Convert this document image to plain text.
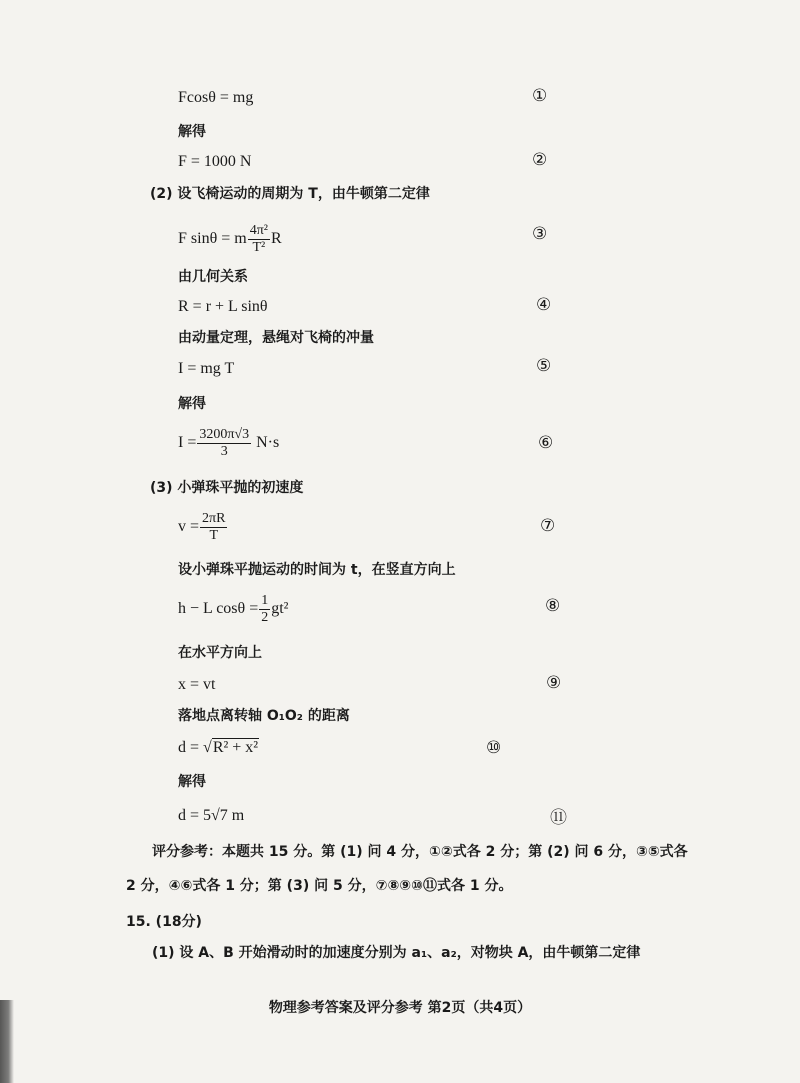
Fcosθ = mg	①
解得
F = 1000 N	②
(2) 设飞椅运动的周期为 T，由牛顿第二定律
F sinθ = m $\frac{\text{4π²}}{\text{T²}}$ R	③
由几何关系
R = r + L sinθ	④
由动量定理，悬绳对飞椅的冲量
I = mg T	⑤
解得
$I = \frac{3200\pi√3}{3} N\cdot s$	⑥
(3) 小弹珠平抛的初速度
$v = \frac{2\pi R}{T}$	⑦
设小弹珠平抛运动的时间为 t，在竖直方向上
h − L $\cos\theta = \frac{1}{2} gt^2$	⑧
在水平方向上
x = vt	⑨
落地点离转轴 O₁O₂ 的距离
d = √R² + x²	⑩
解得
d = 5√7 m	⑪
评分参考：本题共 15 分。第 (1) 问 4 分，①②式各 2 分；第 (2) 问 6 分，③⑤式各
2 分，④⑥式各 1 分；第 (3) 问 5 分，⑦⑧⑨⑩⑪式各 1 分。
15. (18分)
(1) 设 A、B 开始滑动时的加速度分别为 a₁、a₂，对物块 A，由牛顿第二定律
物理参考答案及评分参考 第2页（共4页）
